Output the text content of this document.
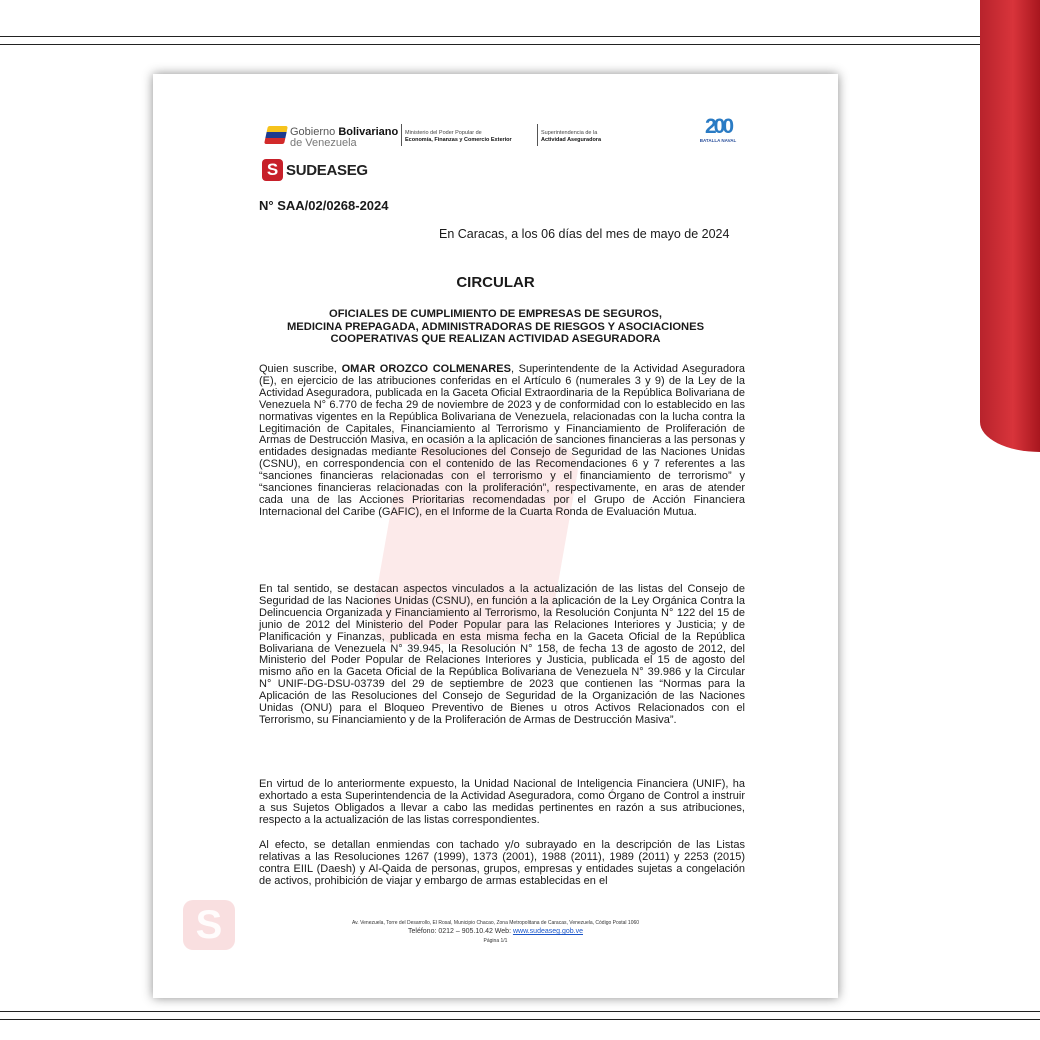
S
Gobierno Bolivariano
de Venezuela
Ministerio del Poder Popular de
Economía, Finanzas y Comercio Exterior
Superintendencia de la
Actividad Aseguradora
200
BATALLA NAVAL
S SUDEASEG
N° SAA/02/0268-2024
En Caracas, a los 06 días del mes de mayo de 2024
CIRCULAR
OFICIALES DE CUMPLIMIENTO DE EMPRESAS DE SEGUROS,
MEDICINA PREPAGADA, ADMINISTRADORAS DE RIESGOS Y ASOCIACIONES
COOPERATIVAS QUE REALIZAN ACTIVIDAD ASEGURADORA
Quien suscribe, OMAR OROZCO COLMENARES, Superintendente de la Actividad Aseguradora (E), en ejercicio de las atribuciones conferidas en el Artículo 6 (numerales 3 y 9) de la Ley de la Actividad Aseguradora, publicada en la Gaceta Oficial Extraordinaria de la República Bolivariana de Venezuela N° 6.770 de fecha 29 de noviembre de 2023 y de conformidad con lo establecido en las normativas vigentes en la República Bolivariana de Venezuela, relacionadas con la lucha contra la Legitimación de Capitales, Financiamiento al Terrorismo y Financiamiento de Proliferación de Armas de Destrucción Masiva, en ocasión a la aplicación de sanciones financieras a las personas y entidades designadas mediante Resoluciones del Consejo de Seguridad de las Naciones Unidas (CSNU), en correspondencia con el contenido de las Recomendaciones 6 y 7 referentes a las “sanciones financieras relacionadas con el terrorismo y el financiamiento de terrorismo” y “sanciones financieras relacionadas con la proliferación”, respectivamente, en aras de atender cada una de las Acciones Prioritarias recomendadas por el Grupo de Acción Financiera Internacional del Caribe (GAFIC), en el Informe de la Cuarta Ronda de Evaluación Mutua.
En tal sentido, se destacan aspectos vinculados a la actualización de las listas del Consejo de Seguridad de las Naciones Unidas (CSNU), en función a la aplicación de la Ley Orgánica Contra la Delincuencia Organizada y Financiamiento al Terrorismo, la Resolución Conjunta N° 122 del 15 de junio de 2012 del Ministerio del Poder Popular para las Relaciones Interiores y Justicia; y de Planificación y Finanzas, publicada en esta misma fecha en la Gaceta Oficial de la República Bolivariana de Venezuela N° 39.945, la Resolución N° 158, de fecha 13 de agosto de 2012, del Ministerio del Poder Popular de Relaciones Interiores y Justicia, publicada el 15 de agosto del mismo año en la Gaceta Oficial de la República Bolivariana de Venezuela N° 39.986 y la Circular N° UNIF-DG-DSU-03739 del 29 de septiembre de 2023 que contienen las “Normas para la Aplicación de las Resoluciones del Consejo de Seguridad de la Organización de las Naciones Unidas (ONU) para el Bloqueo Preventivo de Bienes u otros Activos Relacionados con el Terrorismo, su Financiamiento y de la Proliferación de Armas de Destrucción Masiva”.
En virtud de lo anteriormente expuesto, la Unidad Nacional de Inteligencia Financiera (UNIF), ha exhortado a esta Superintendencia de la Actividad Aseguradora, como Órgano de Control a instruir a sus Sujetos Obligados a llevar a cabo las medidas pertinentes en razón a sus atribuciones, respecto a la actualización de las listas correspondientes.
Al efecto, se detallan enmiendas con tachado y/o subrayado en la descripción de las Listas relativas a las Resoluciones 1267 (1999), 1373 (2001), 1988 (2011), 1989 (2011) y 2253 (2015) contra EIIL (Daesh) y Al-Qaida de personas, grupos, empresas y entidades sujetas a congelación de activos, prohibición de viajar y embargo de armas establecidas en el
Av. Venezuela, Torre del Desarrollo, El Rosal, Municipio Chacao, Zona Metropolitana de Caracas, Venezuela, Código Postal 1060
Teléfono: 0212 – 905.10.42 Web: www.sudeaseg.gob.ve
Página 1/1
